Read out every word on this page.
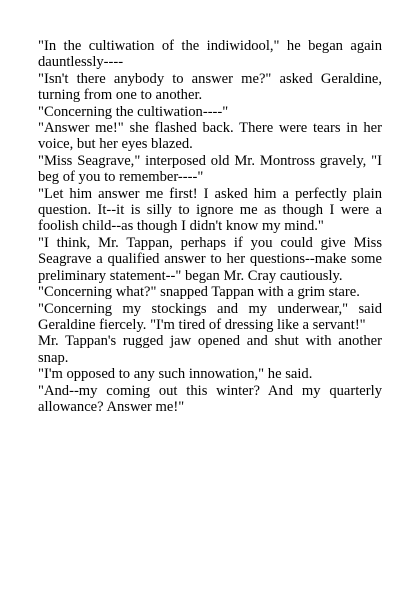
"In the cultiwation of the indiwidool," he began again dauntlessly----

"Isn't there anybody to answer me?" asked Geraldine, turning from one to another.

"Concerning the cultiwation----"

"Answer me!" she flashed back. There were tears in her voice, but her eyes blazed.

"Miss Seagrave," interposed old Mr. Montross gravely, "I beg of you to remember----"

"Let him answer me first! I asked him a perfectly plain question. It--it is silly to ignore me as though I were a foolish child--as though I didn't know my mind."

"I think, Mr. Tappan, perhaps if you could give Miss Seagrave a qualified answer to her questions--make some preliminary statement--" began Mr. Cray cautiously.

"Concerning what?" snapped Tappan with a grim stare.

"Concerning my stockings and my underwear," said Geraldine fiercely. "I'm tired of dressing like a servant!"

Mr. Tappan's rugged jaw opened and shut with another snap.

"I'm opposed to any such innowation," he said.

"And--my coming out this winter? And my quarterly allowance? Answer me!"
